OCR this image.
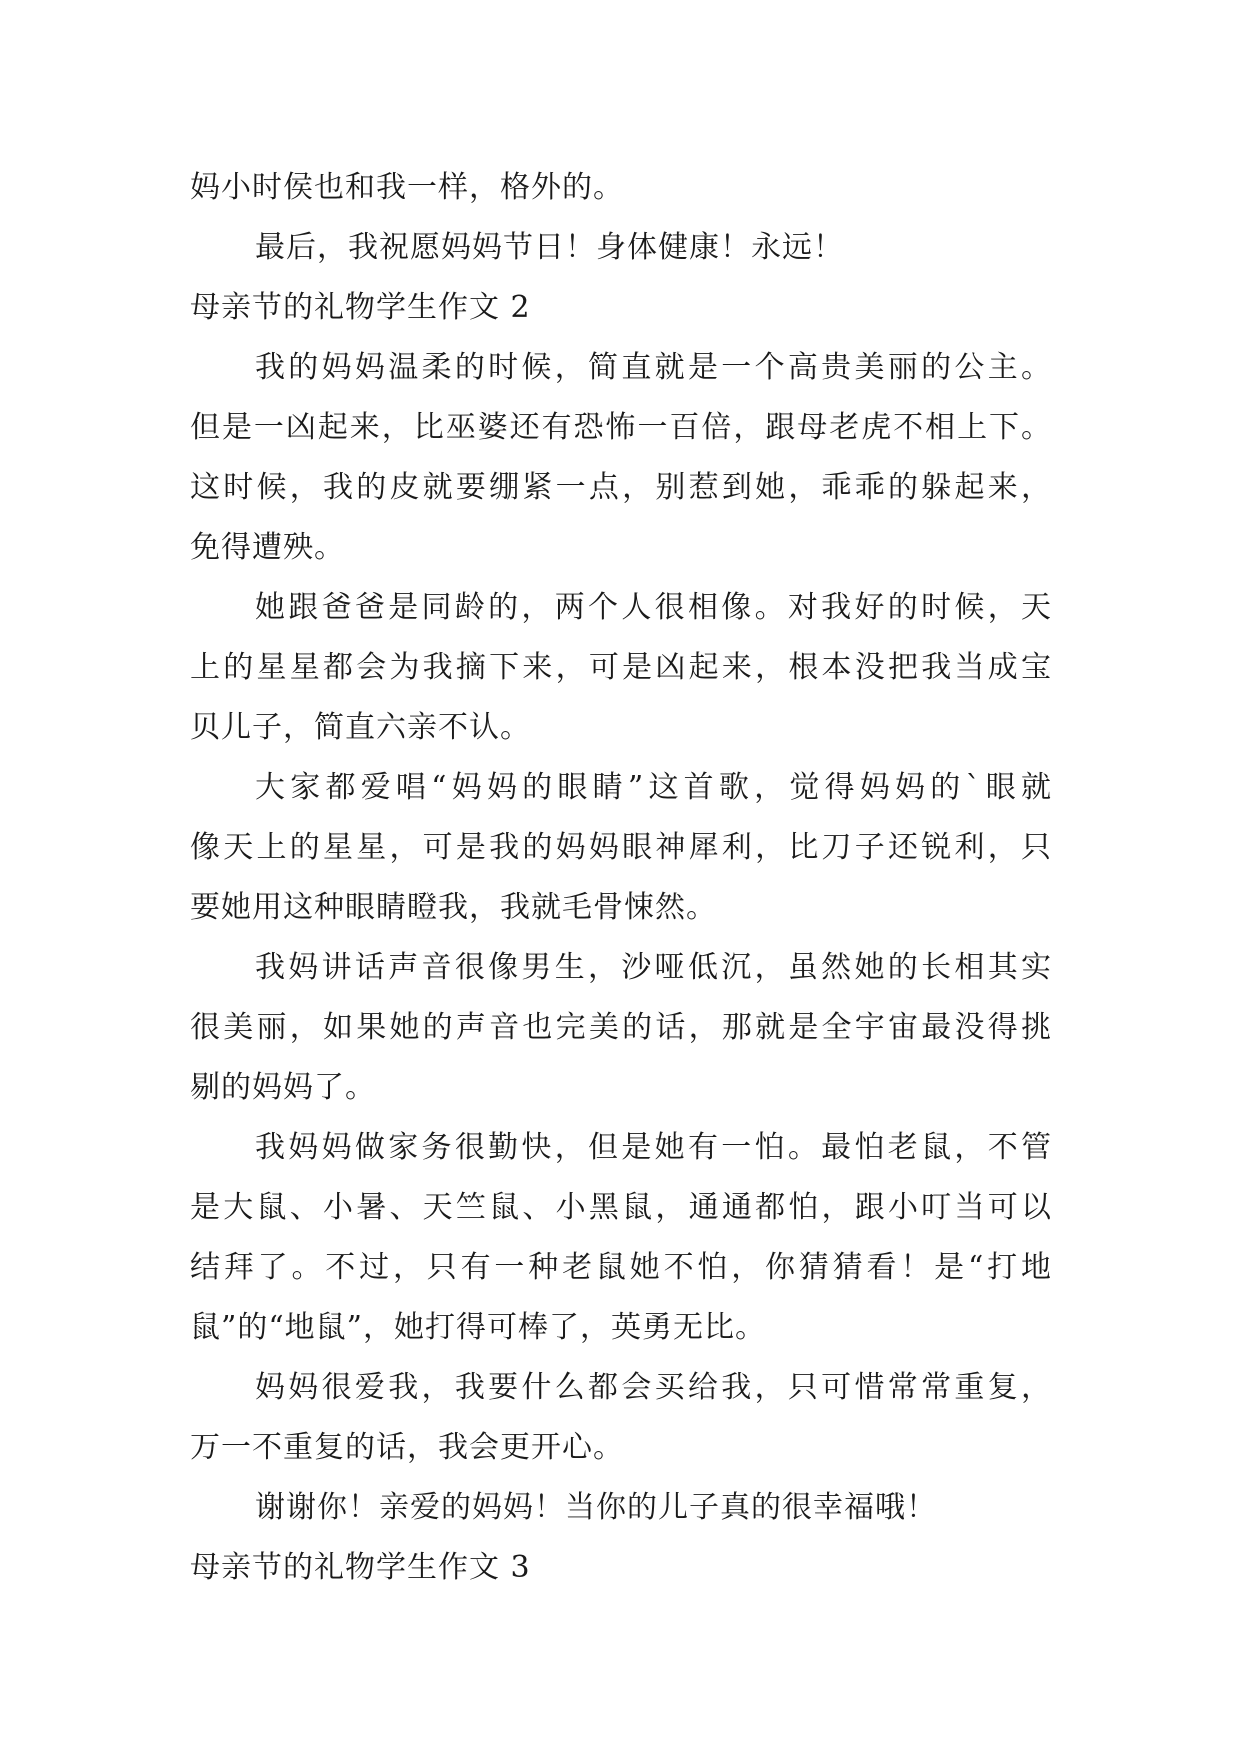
妈小时侯也和我一样，格外的。
最后，我祝愿妈妈节日！身体健康！永远！
母亲节的礼物学生作文 2
我的妈妈温柔的时候，简直就是一个高贵美丽的公主。
但是一凶起来，比巫婆还有恐怖一百倍，跟母老虎不相上下。
这时候，我的皮就要绷紧一点，别惹到她，乖乖的躲起来，
免得遭殃。
她跟爸爸是同龄的，两个人很相像。对我好的时候，天
上的星星都会为我摘下来，可是凶起来，根本没把我当成宝
贝儿子，简直六亲不认。
大家都爱唱“妈妈的眼睛”这首歌，觉得妈妈的`眼就
像天上的星星，可是我的妈妈眼神犀利，比刀子还锐利，只
要她用这种眼睛瞪我，我就毛骨悚然。
我妈讲话声音很像男生，沙哑低沉，虽然她的长相其实
很美丽，如果她的声音也完美的话，那就是全宇宙最没得挑
剔的妈妈了。
我妈妈做家务很勤快，但是她有一怕。最怕老鼠，不管
是大鼠、小暑、天竺鼠、小黑鼠，通通都怕，跟小叮当可以
结拜了。不过，只有一种老鼠她不怕，你猜猜看！是“打地
鼠”的“地鼠”，她打得可棒了，英勇无比。
妈妈很爱我，我要什么都会买给我，只可惜常常重复，
万一不重复的话，我会更开心。
谢谢你！亲爱的妈妈！当你的儿子真的很幸福哦！
母亲节的礼物学生作文 3
